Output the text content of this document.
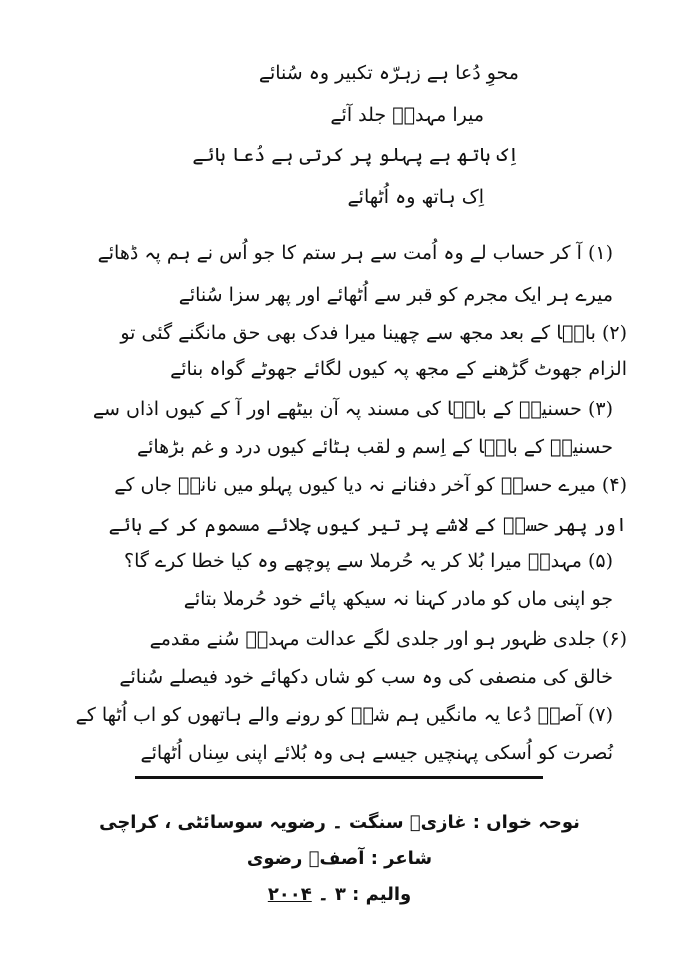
محوِ دُعا ہے زہرّہ تکبیر وہ سُنائے
میرا مہدیؑ جلد آئے
اِک ہاتھ ہے پہلو پر کرتی ہے دُعا ہائے
اِک ہاتھ وہ اُٹھائے
(۱) آ کر حساب لے وہ اُمت سے ہر ستم کا جو اُس نے ہم پہ ڈھائے
میرے ہر ایک مجرم کو قبر سے اُٹھائے اور پھر سزا سُنائے
(۲) بابؐا کے بعد مجھ سے چھینا میرا فدک بھی حق مانگنے گئی تو
الزام جھوٹ گڑھنے کے مجھ پہ کیوں لگائے جھوٹے گواہ بنائے
(۳) حسنینؑ کے بابؐا کی مسند پہ آن بیٹھے اور آ کے کیوں اذاں سے
حسنینؑ کے بابؐا کے اِسم و لقب ہٹائے کیوں درد و غم بڑھائے
(۴) میرے حسنؑ کو آخر دفنانے نہ دیا کیوں پہلو میں ناناؐ جاں کے
اور پھر حسنؑ کے لاشے پر تیر کیوں چلائے مسموم کر کے ہائے
(۵) مہدیؑ میرا بُلا کر یہ حُرملا سے پوچھے وہ کیا خطا کرے گا؟
جو اپنی ماں کو مادر کہنا نہ سیکھ پائے خود حُرملا بتائے
(۶) جلدی ظہور ہو اور جلدی لگے عدالت مہدیؑ سُنے مقدمے
خالق کی منصفی کی وہ سب کو شاں دکھائے خود فیصلے سُنائے
(۷) آصفؔ دُعا یہ مانگیں ہم شہؑ کو رونے والے ہاتھوں کو اب اُٹھا کے
نُصرت کو اُسکی پہنچیں جیسے ہی وہ بُلائے اپنی سِناں اُٹھائے
نوحہ خواں : غازیؑ سنگت ۔ رضویہ سوسائٹی ، کراچی
شاعر : آصفؔ رضوی
والیم : ۳ ۔ ۲۰۰۴
